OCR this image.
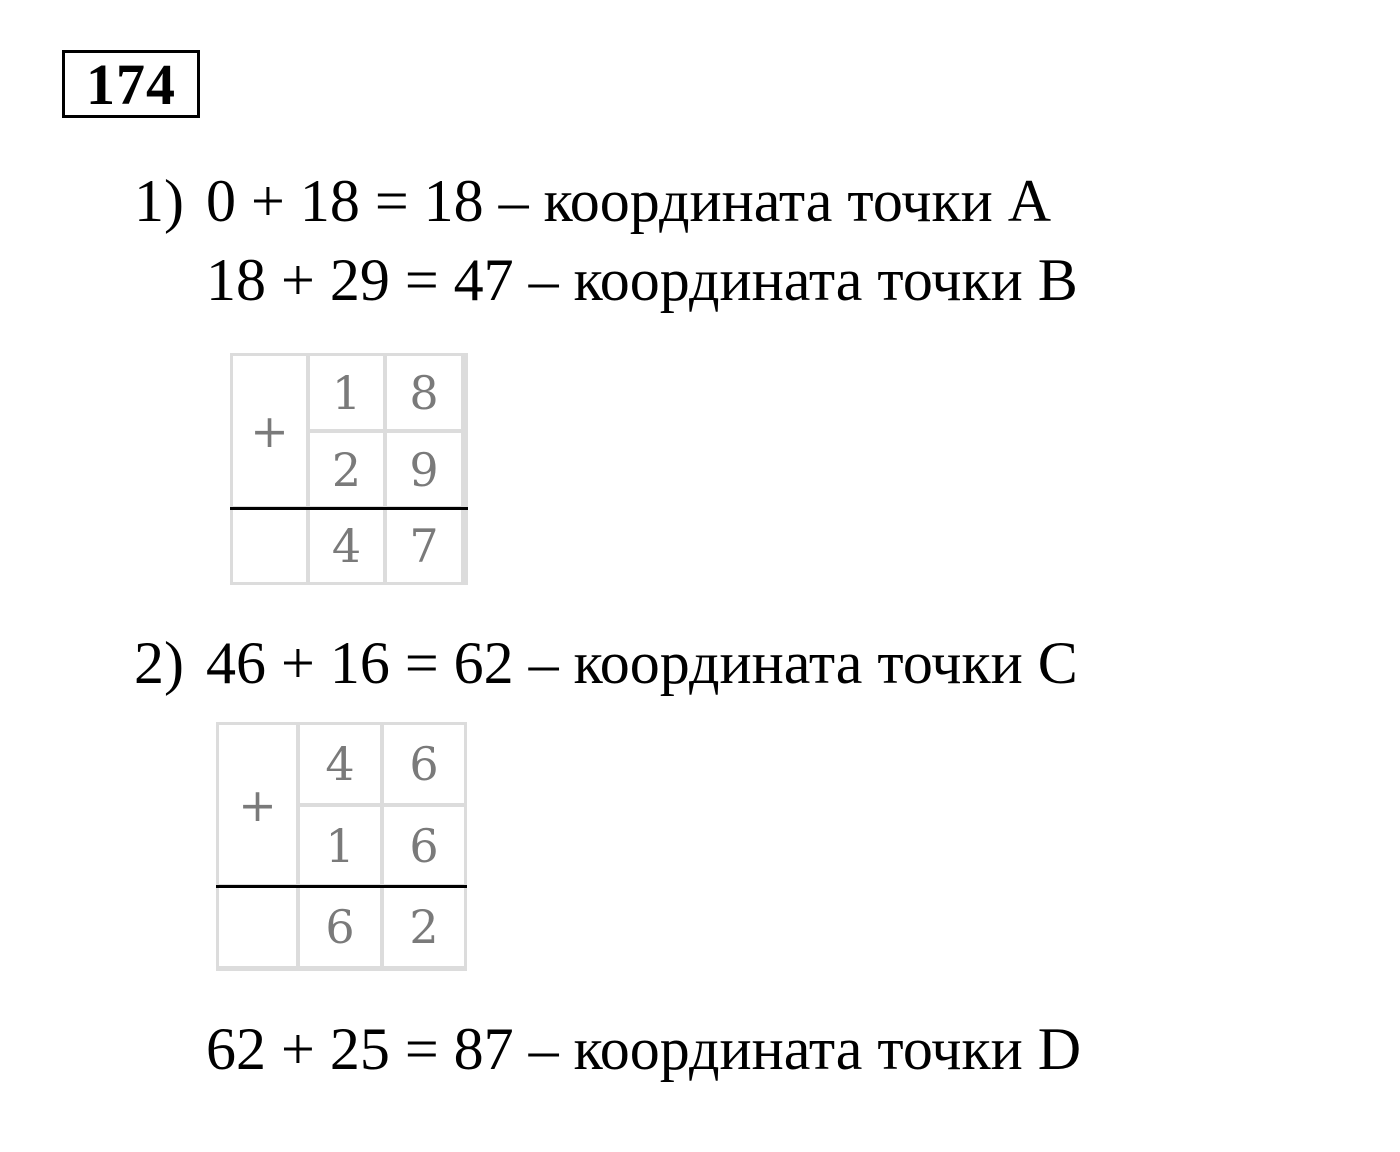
174
1) 0 + 18 = 18 – координата точки А
18 + 29 = 47 – координата точки В
+
1	8
2	9
4	7
2) 46 + 16 = 62 – координата точки С
+
4	6
1	6
6	2
62 + 25 = 87 – координата точки D
